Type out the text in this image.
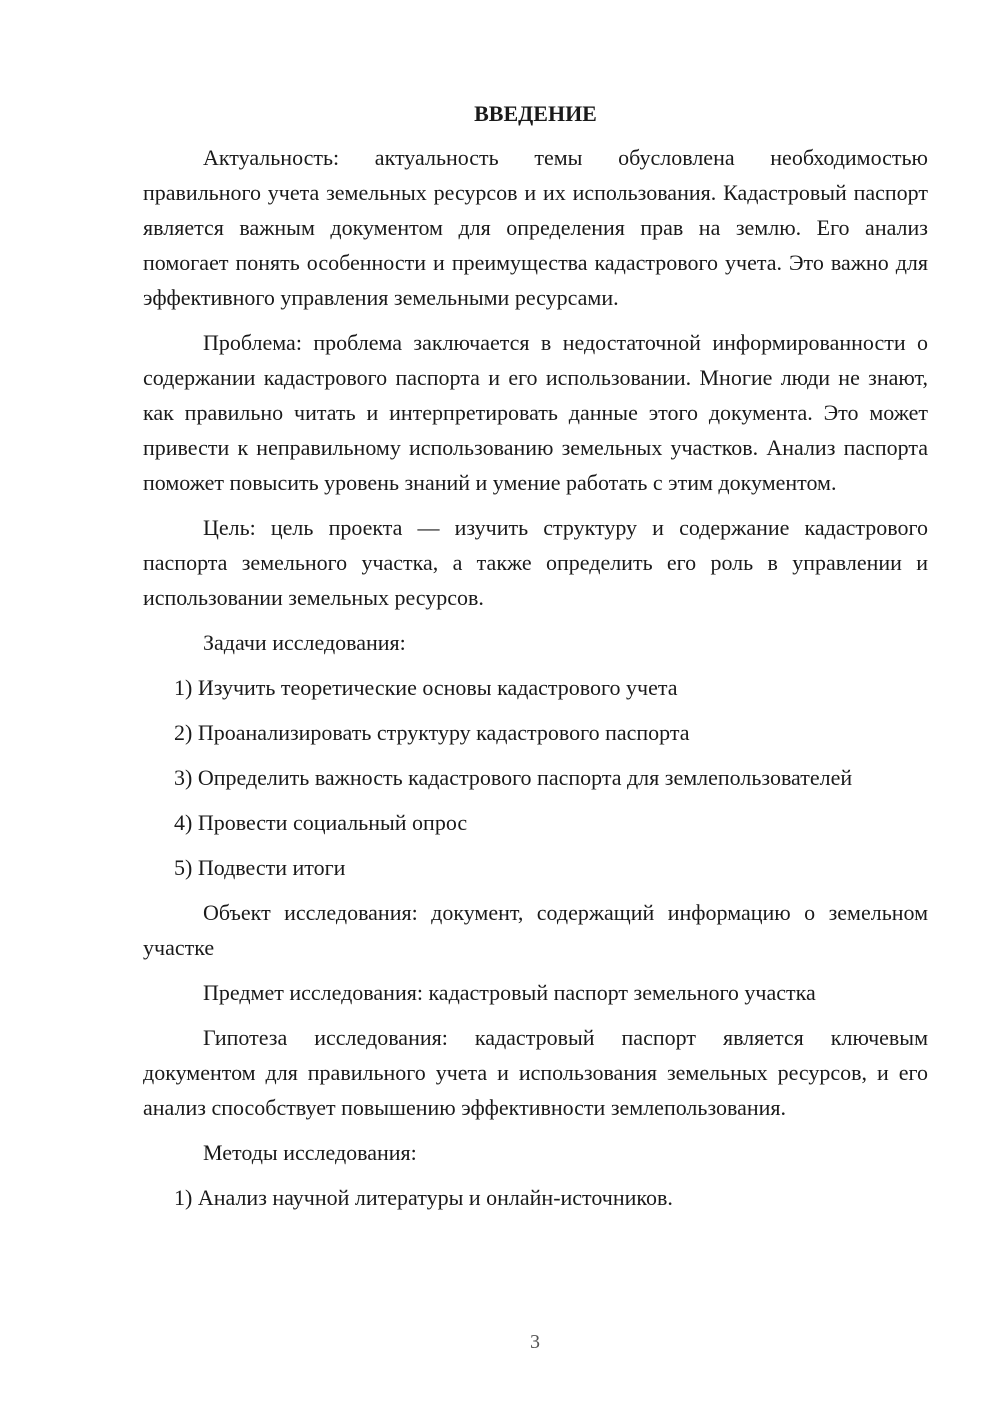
ВВЕДЕНИЕ

Актуальность: актуальность темы обусловлена необходимостью правильного учета земельных ресурсов и их использования. Кадастровый паспорт является важным документом для определения прав на землю. Его анализ помогает понять особенности и преимущества кадастрового учета. Это важно для эффективного управления земельными ресурсами.

Проблема: проблема заключается в недостаточной информированности о содержании кадастрового паспорта и его использовании. Многие люди не знают, как правильно читать и интерпретировать данные этого документа. Это может привести к неправильному использованию земельных участков. Анализ паспорта поможет повысить уровень знаний и умение работать с этим документом.

Цель: цель проекта — изучить структуру и содержание кадастрового паспорта земельного участка, а также определить его роль в управлении и использовании земельных ресурсов.

Задачи исследования:

1) Изучить теоретические основы кадастрового учета

2) Проанализировать структуру кадастрового паспорта

3) Определить важность кадастрового паспорта для землепользователей

4) Провести социальный опрос

5) Подвести итоги

Объект исследования: документ, содержащий информацию о земельном участке

Предмет исследования: кадастровый паспорт земельного участка

Гипотеза исследования: кадастровый паспорт является ключевым документом для правильного учета и использования земельных ресурсов, и его анализ способствует повышению эффективности землепользования.

Методы исследования:

1) Анализ научной литературы и онлайн-источников.

3
